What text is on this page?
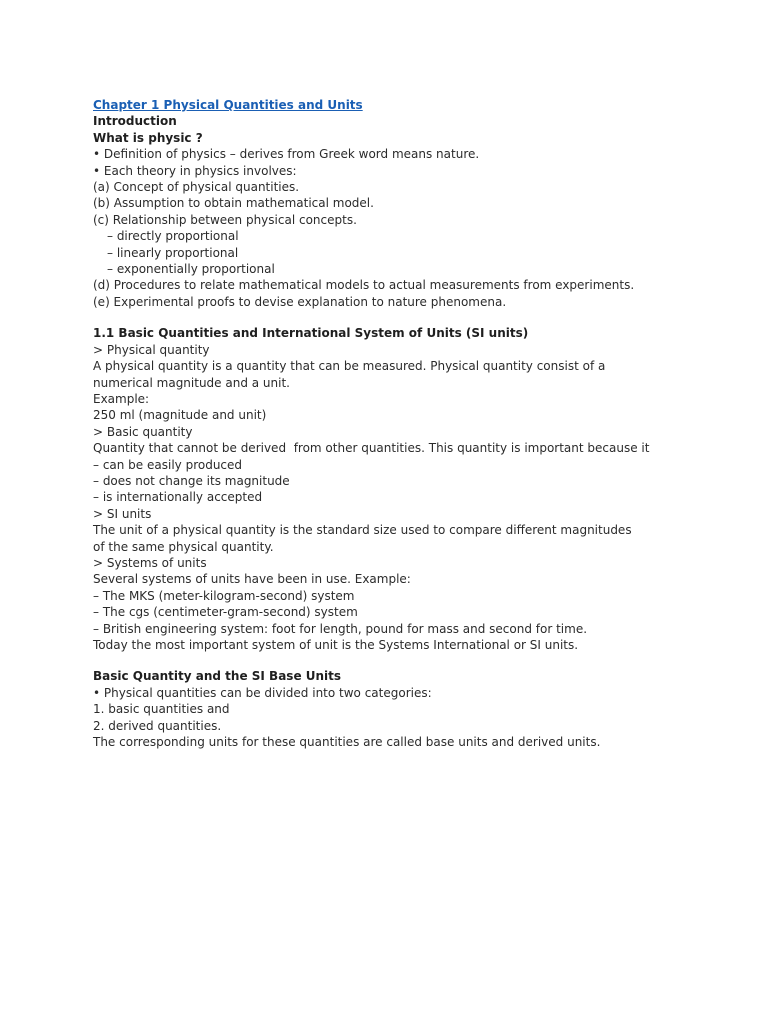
Chapter 1 Physical Quantities and Units
Introduction
What is physic ?
• Definition of physics – derives from Greek word means nature.
• Each theory in physics involves:
(a) Concept of physical quantities.
(b) Assumption to obtain mathematical model.
(c) Relationship between physical concepts.
– directly proportional
– linearly proportional
– exponentially proportional
(d) Procedures to relate mathematical models to actual measurements from experiments.
(e) Experimental proofs to devise explanation to nature phenomena.
1.1 Basic Quantities and International System of Units (SI units)
> Physical quantity
A physical quantity is a quantity that can be measured. Physical quantity consist of a
numerical magnitude and a unit.
Example:
250 ml (magnitude and unit)
> Basic quantity
Quantity that cannot be derived  from other quantities. This quantity is important because it
– can be easily produced
– does not change its magnitude
– is internationally accepted
> SI units
The unit of a physical quantity is the standard size used to compare different magnitudes
of the same physical quantity.
> Systems of units
Several systems of units have been in use. Example:
– The MKS (meter-kilogram-second) system
– The cgs (centimeter-gram-second) system
– British engineering system: foot for length, pound for mass and second for time.
Today the most important system of unit is the Systems International or SI units.
Basic Quantity and the SI Base Units
• Physical quantities can be divided into two categories:
1. basic quantities and
2. derived quantities.
The corresponding units for these quantities are called base units and derived units.
